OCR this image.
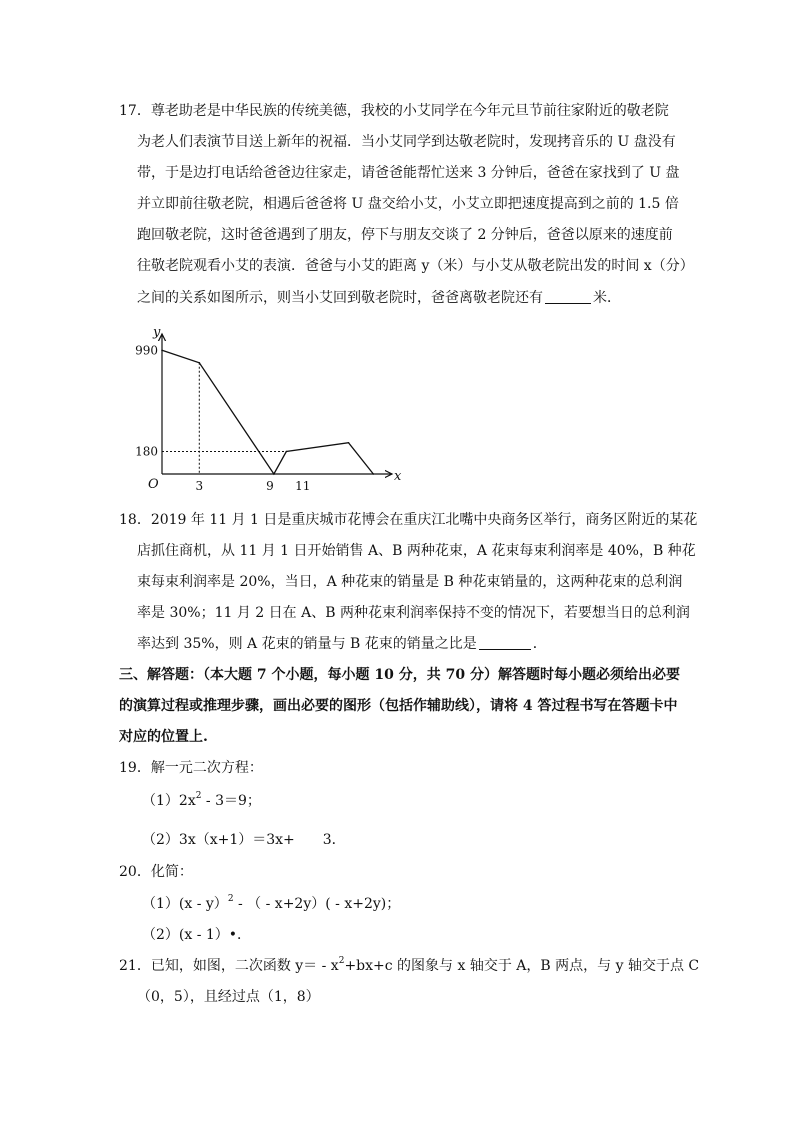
17．尊老助老是中华民族的传统美德，我校的小艾同学在今年元旦节前往家附近的敬老院
为老人们表演节目送上新年的祝福．当小艾同学到达敬老院时，发现拷音乐的 U 盘没有
带，于是边打电话给爸爸边往家走，请爸爸能帮忙送来 3 分钟后，爸爸在家找到了 U 盘
并立即前往敬老院，相遇后爸爸将 U 盘交给小艾，小艾立即把速度提高到之前的 1.5 倍
跑回敬老院，这时爸爸遇到了朋友，停下与朋友交谈了 2 分钟后，爸爸以原来的速度前
往敬老院观看小艾的表演．爸爸与小艾的距离 y（米）与小艾从敬老院出发的时间 x（分）
之间的关系如图所示，则当小艾回到敬老院时，爸爸离敬老院还有	米．
x
y
O	3	9 11
990
180
18．2019 年 11 月 1 日是重庆城市花博会在重庆江北嘴中央商务区举行，商务区附近的某花
店抓住商机，从 11 月 1 日开始销售 A、B 两种花束，A 花束每束利润率是 40%，B 种花
束每束利润率是 20%，当日，A 种花束的销量是 B 种花束销量的，这两种花束的总利润
率是 30%；11 月 2 日在 A、B 两种花束利润率保持不变的情况下，若要想当日的总利润
率达到 35%，则 A 花束的销量与 B 花束的销量之比是	．
三、解答题：（本大题 7 个小题，每小题 10 分，共 70 分）解答题时每小题必须给出必要
的演算过程或推理步骤，画出必要的图形（包括作辅助线），请将 4 答过程书写在答题卡中
对应的位置上.
19．解一元二次方程：
$(1)2x^2 - 3=9$；
（2）3x（x+1）＝3x+　　3．
20．化简：
（1）(x - y）$^2$ - （ - x+2y）( - x+2y)；
（2）(x - 1）•．
21．已知，如图，二次函数 $y= - x^2+bx+c$ 的图象与 x 轴交于 A，B 两点，与 y 轴交于点 C
（0，5），且经过点（1，8）
